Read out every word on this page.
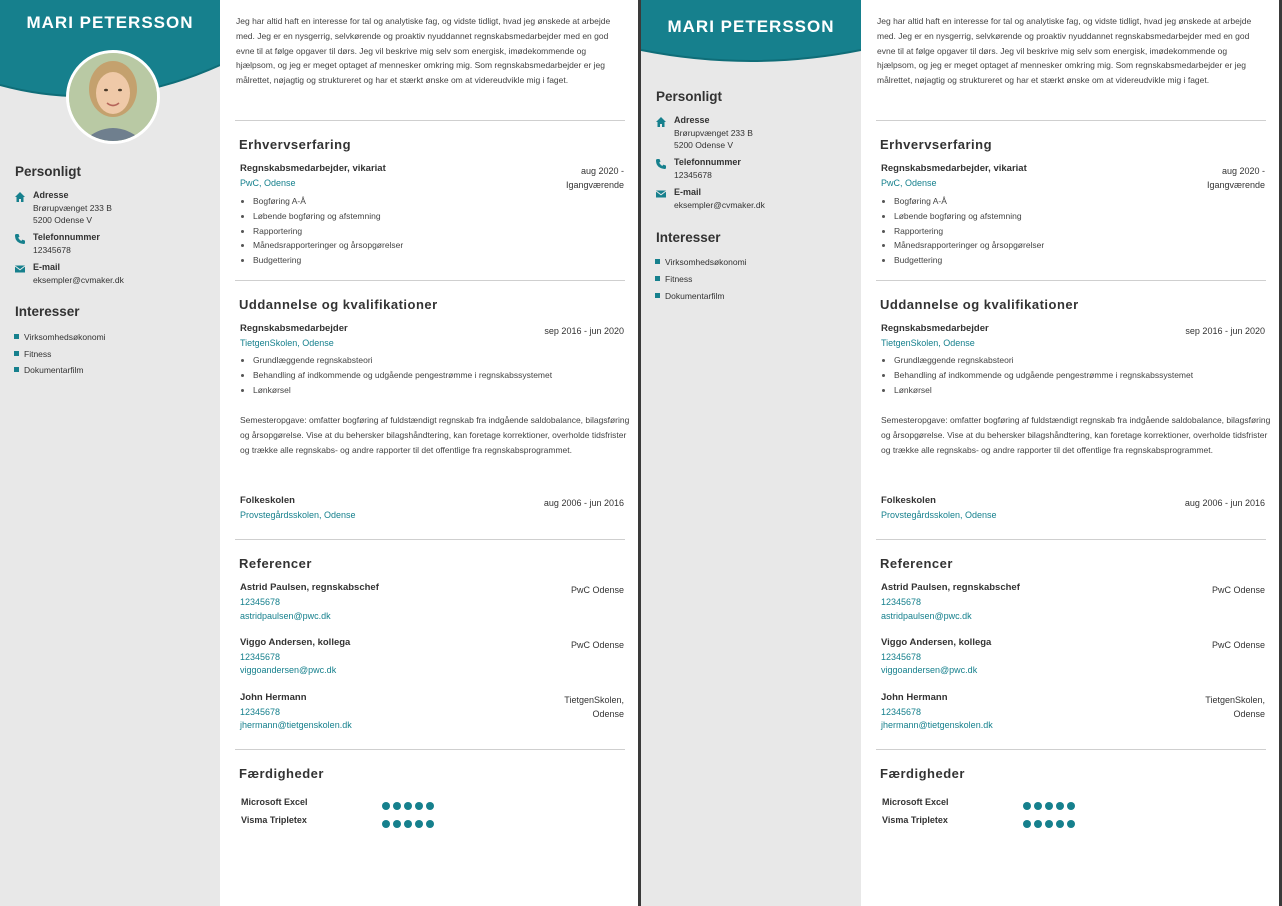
MARI PETERSSON
Personligt
Adresse
Brørupvænget 233 B
5200 Odense V
Telefonnummer
12345678
E-mail
eksempler@cvmaker.dk
Interesser
Virksomhedsøkonomi
Fitness
Dokumentarfilm

Jeg har altid haft en interesse for tal og analytiske fag, og vidste tidligt, hvad jeg ønskede at arbejde med. Jeg er en nysgerrig, selvkørende og proaktiv nyuddannet regnskabsmedarbejder med en god evne til at følge opgaver til dørs. Jeg vil beskrive mig selv som energisk, imødekommende og hjælpsom, og jeg er meget optaget af mennesker omkring mig. Som regnskabsmedarbejder er jeg målrettet, nøjagtig og struktureret og har et stærkt ønske om at videreudvikle mig i faget.

Erhvervserfaring
Regnskabsmedarbejder, vikariat
PwC, Odense
aug 2020 -
Igangværende
Bogføring A-Å
Løbende bogføring og afstemning
Rapportering
Månedsrapporteringer og årsopgørelser
Budgettering
Uddannelse og kvalifikationer
Regnskabsmedarbejder
TietgenSkolen, Odense
sep 2016 - jun 2020
Grundlæggende regnskabsteori
Behandling af indkommende og udgående pengestrømme i regnskabssystemet
Lønkørsel

Semesteropgave: omfatter bogføring af fuldstændigt regnskab fra indgående saldobalance, bilagsføring og årsopgørelse. Vise at du behersker bilagshåndtering, kan foretage korrektioner, overholde tidsfrister og trække alle regnskabs- og andre rapporter til det offentlige fra regnskabsprogrammet.

Folkeskolen
Provstegårdsskolen, Odense
aug 2006 - jun 2016
Referencer
Astrid Paulsen, regnskabschef
12345678
astridpaulsen@pwc.dk
PwC Odense
Viggo Andersen, kollega
12345678
viggoandersen@pwc.dk
PwC Odense
John Hermann
12345678
jhermann@tietgenskolen.dk
TietgenSkolen,
Odense
Færdigheder
Microsoft Excel
Visma Tripletex
MARI PETERSSON
Personligt
Adresse
Brørupvænget 233 B
5200 Odense V
Telefonnummer
12345678
E-mail
eksempler@cvmaker.dk
Interesser
Virksomhedsøkonomi
Fitness
Dokumentarfilm

Jeg har altid haft en interesse for tal og analytiske fag, og vidste tidligt, hvad jeg ønskede at arbejde med. Jeg er en nysgerrig, selvkørende og proaktiv nyuddannet regnskabsmedarbejder med en god evne til at følge opgaver til dørs. Jeg vil beskrive mig selv som energisk, imødekommende og hjælpsom, og jeg er meget optaget af mennesker omkring mig. Som regnskabsmedarbejder er jeg målrettet, nøjagtig og struktureret og har et stærkt ønske om at videreudvikle mig i faget.

Erhvervserfaring
Regnskabsmedarbejder, vikariat
PwC, Odense
aug 2020 -
Igangværende
Bogføring A-Å
Løbende bogføring og afstemning
Rapportering
Månedsrapporteringer og årsopgørelser
Budgettering
Uddannelse og kvalifikationer
Regnskabsmedarbejder
TietgenSkolen, Odense
sep 2016 - jun 2020
Grundlæggende regnskabsteori
Behandling af indkommende og udgående pengestrømme i regnskabssystemet
Lønkørsel

Semesteropgave: omfatter bogføring af fuldstændigt regnskab fra indgående saldobalance, bilagsføring og årsopgørelse. Vise at du behersker bilagshåndtering, kan foretage korrektioner, overholde tidsfrister og trække alle regnskabs- og andre rapporter til det offentlige fra regnskabsprogrammet.

Folkeskolen
Provstegårdsskolen, Odense
aug 2006 - jun 2016
Referencer
Astrid Paulsen, regnskabschef
12345678
astridpaulsen@pwc.dk
PwC Odense
Viggo Andersen, kollega
12345678
viggoandersen@pwc.dk
PwC Odense
John Hermann
12345678
jhermann@tietgenskolen.dk
TietgenSkolen,
Odense
Færdigheder
Microsoft Excel
Visma Tripletex
